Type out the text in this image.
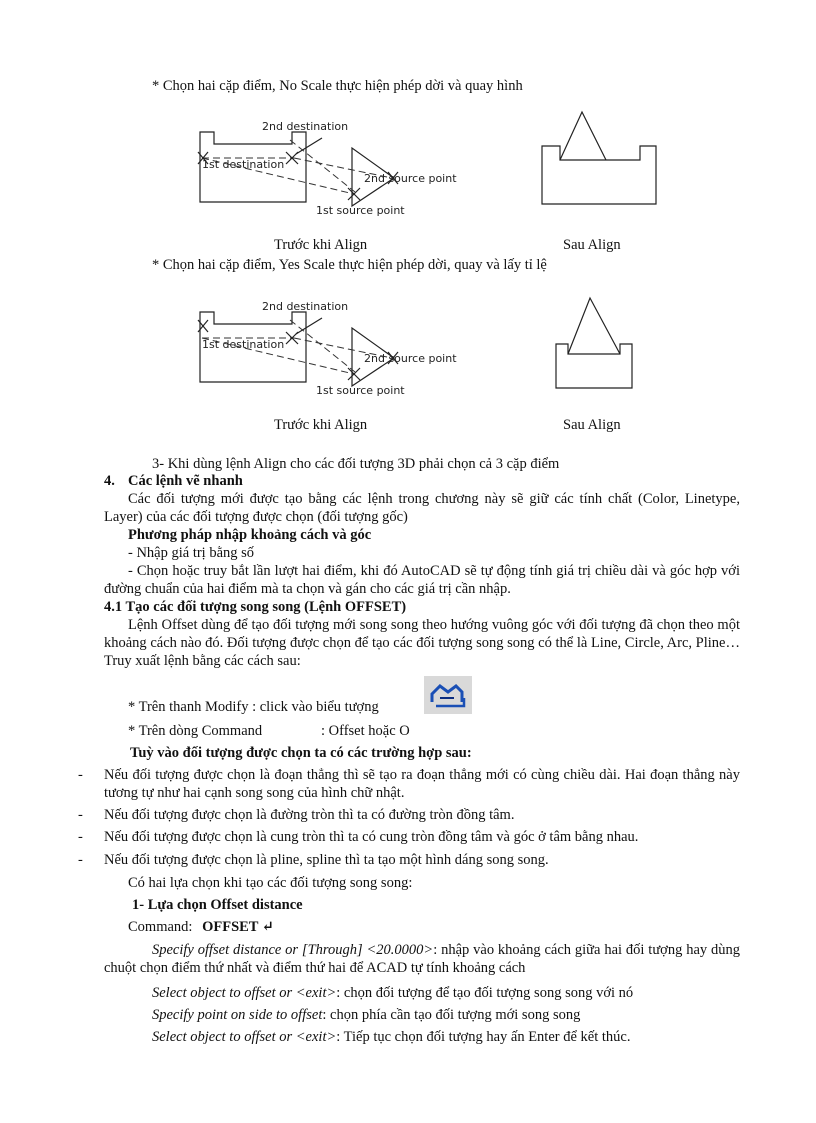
* Chọn hai cặp điểm, No Scale thực hiện phép dời và quay hình
2nd destination
1st destination
2nd source point
1st source point
Trước khi Align	Sau Align
* Chọn hai cặp điểm, Yes Scale thực hiện phép dời, quay và lấy tỉ lệ
2nd destination
1st destination
2nd source point
1st source point
Trước khi Align	Sau Align
3- Khi dùng lệnh Align cho các đối tượng 3D phải chọn cả 3 cặp điểm
4. Các lệnh vẽ nhanh
Các đối tượng mới được tạo bằng các lệnh trong chương này sẽ giữ các tính chất (Color, Linetype, Layer) của các đối tượng được chọn (đối tượng gốc)
Phương pháp nhập khoảng cách và góc
- Nhập giá trị bằng số
- Chọn hoặc truy bắt lần lượt hai điểm, khi đó AutoCAD sẽ tự động tính giá trị chiều dài và góc hợp với đường chuẩn của hai điểm mà ta chọn và gán cho các giá trị cần nhập.
4.1 Tạo các đối tượng song song (Lệnh OFFSET)
Lệnh Offset dùng để tạo đối tượng mới song song theo hướng vuông góc với đối tượng đã chọn theo một khoảng cách nào đó. Đối tượng được chọn để tạo các đối tượng song song có thể là Line, Circle, Arc, Pline…Truy xuất lệnh bằng các cách sau:
* Trên thanh Modify : click vào biểu tượng
* Trên dòng Command	: Offset hoặc O
Tuỳ vào đối tượng được chọn ta có các trường hợp sau:
- Nếu đối tượng được chọn là đoạn thẳng thì sẽ tạo ra đoạn thẳng mới có cùng chiều dài. Hai đoạn thẳng này tương tự như hai cạnh song song của hình chữ nhật.
- Nếu đối tượng được chọn là đường tròn thì ta có đường tròn đồng tâm.
- Nếu đối tượng được chọn là cung tròn thì ta có cung tròn đồng tâm và góc ở tâm bằng nhau.
- Nếu đối tượng được chọn là pline, spline thì ta tạo một hình dáng song song.
Có hai lựa chọn khi tạo các đối tượng song song:
1- Lựa chọn Offset distance
Command: OFFSET ↵
Specify offset distance or [Through] <20.0000>: nhập vào khoảng cách giữa hai đối tượng hay dùng chuột chọn điểm thứ nhất và điểm thứ hai để ACAD tự tính khoảng cách
Select object to offset or <exit>: chọn đối tượng để tạo đối tượng song song với nó
Specify point on side to offset: chọn phía cần tạo đối tượng mới song song
Select object to offset or <exit>: Tiếp tục chọn đối tượng hay ấn Enter để kết thúc.
